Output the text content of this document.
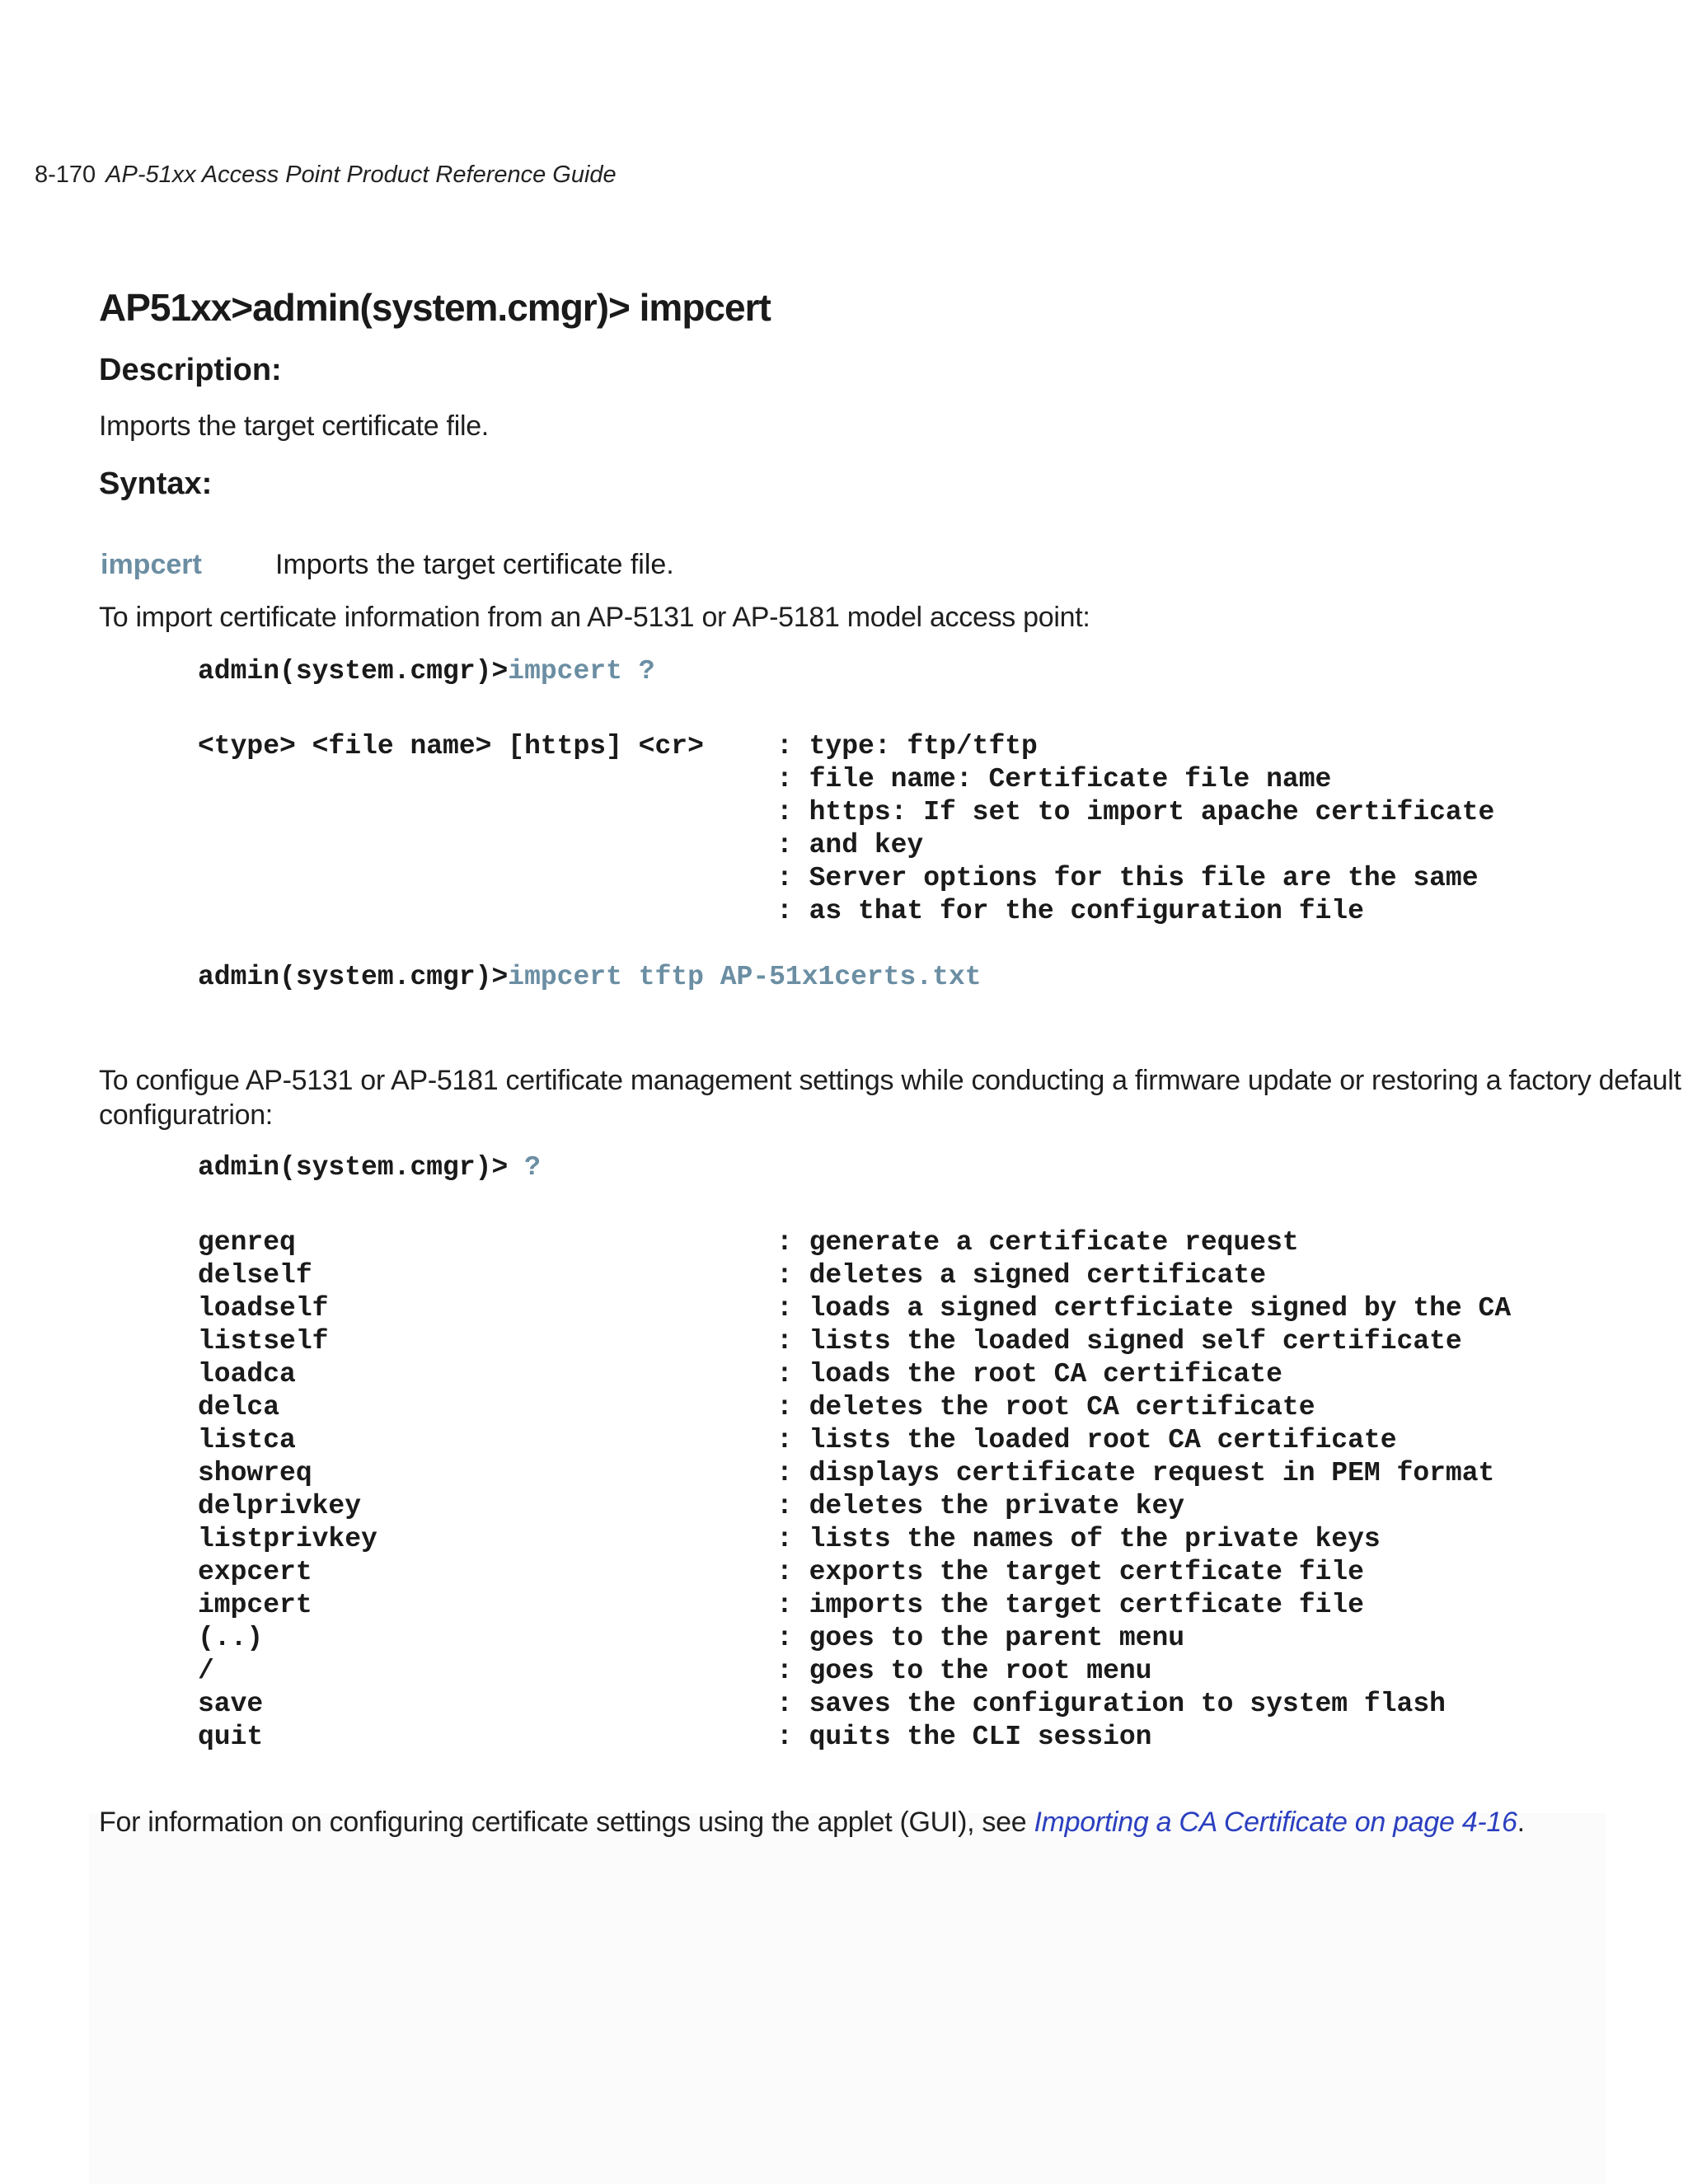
8-170 AP-51xx Access Point Product Reference Guide
AP51xx>admin(system.cmgr)> impcert
Description:
Imports the target certificate file.
Syntax:
impcert	Imports the target certificate file.
To import certificate information from an AP-5131 or AP-5181 model access point:
admin(system.cmgr)>impcert ?
<type> <file name> [https] <cr>	: type: ftp/tftp
: file name: Certificate file name
: https: If set to import apache certificate
: and key
: Server options for this file are the same
: as that for the configuration file
admin(system.cmgr)>impcert tftp AP-51x1certs.txt
To configue AP-5131 or AP-5181 certificate management settings while conducting a firmware update or restoring a factory default
configuratrion:
admin(system.cmgr)> ?
genreq	: generate a certificate request
delself	: deletes a signed certificate
loadself	: loads a signed certficiate signed by the CA
listself	: lists the loaded signed self certificate
loadca	: loads the root CA certificate
delca	: deletes the root CA certificate
listca	: lists the loaded root CA certificate
showreq	: displays certificate request in PEM format
delprivkey	: deletes the private key
listprivkey	: lists the names of the private keys
expcert	: exports the target certficate file
impcert	: imports the target certficate file
(..)	: goes to the parent menu
/	: goes to the root menu
save	: saves the configuration to system flash
quit	: quits the CLI session
For information on configuring certificate settings using the applet (GUI), see Importing a CA Certificate on page 4-16.
